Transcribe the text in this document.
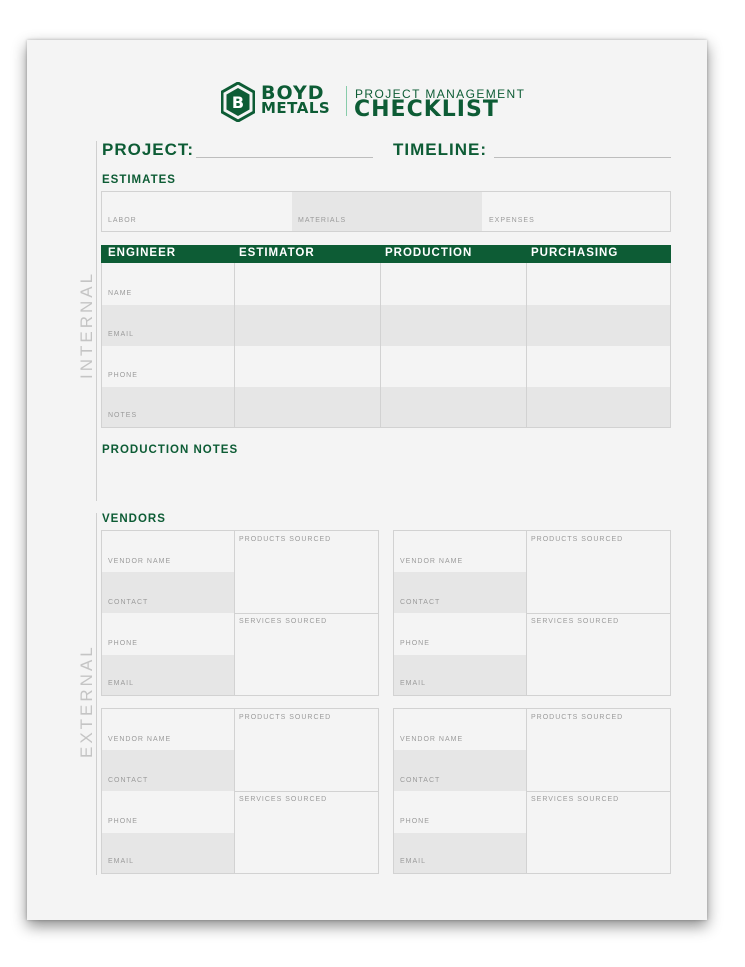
B BOYD
METALS
PROJECT MANAGEMENT
CHECKLIST
INTERNAL
EXTERNAL
PROJECT:	TIMELINE:
ESTIMATES
LABOR	MATERIALS	EXPENSES
ENGINEER	ESTIMATOR	PRODUCTION	PURCHASING
NAME
EMAIL
PHONE
NOTES
PRODUCTION NOTES
VENDORS
VENDOR NAME
CONTACT
PHONE
EMAIL
PRODUCTS SOURCED
SERVICES SOURCED
VENDOR NAME
CONTACT
PHONE
EMAIL
PRODUCTS SOURCED
SERVICES SOURCED
VENDOR NAME
CONTACT
PHONE
EMAIL
PRODUCTS SOURCED
SERVICES SOURCED
VENDOR NAME
CONTACT
PHONE
EMAIL
PRODUCTS SOURCED
SERVICES SOURCED
